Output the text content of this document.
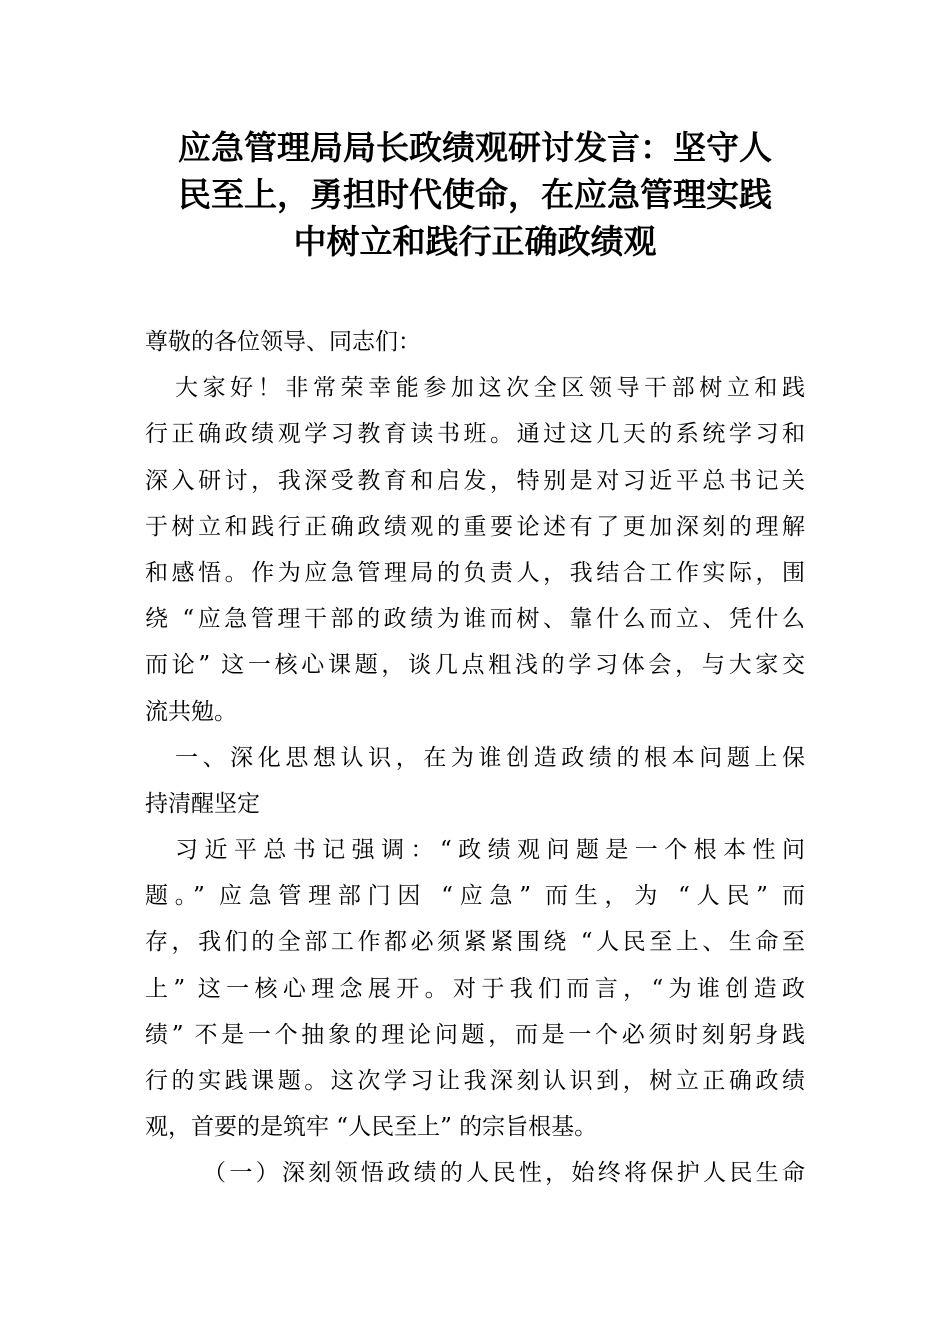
应急管理局局长政绩观研讨发言：坚守人
民至上，勇担时代使命，在应急管理实践
中树立和践行正确政绩观
尊敬的各位领导、同志们：
大家好！非常荣幸能参加这次全区领导干部树立和践
行正确政绩观学习教育读书班。通过这几天的系统学习和
深入研讨，我深受教育和启发，特别是对习近平总书记关
于树立和践行正确政绩观的重要论述有了更加深刻的理解
和感悟。作为应急管理局的负责人，我结合工作实际，围
绕 “应急管理干部的政绩为谁而树、靠什么而立、凭什么
而论” 这一核心课题，谈几点粗浅的学习体会，与大家交
流共勉。
一、深化思想认识，在为谁创造政绩的根本问题上保
持清醒坚定
习近平总书记强调：“政绩观问题是一个根本性问
题。” 应急管理部门因 “应急” 而生，为 “人民” 而
存，我们的全部工作都必须紧紧围绕 “人民至上、生命至
上” 这一核心理念展开。对于我们而言，“为谁创造政
绩” 不是一个抽象的理论问题，而是一个必须时刻躬身践
行的实践课题。这次学习让我深刻认识到，树立正确政绩
观，首要的是筑牢 “人民至上” 的宗旨根基。
（一）深刻领悟政绩的人民性，始终将保护人民生命
